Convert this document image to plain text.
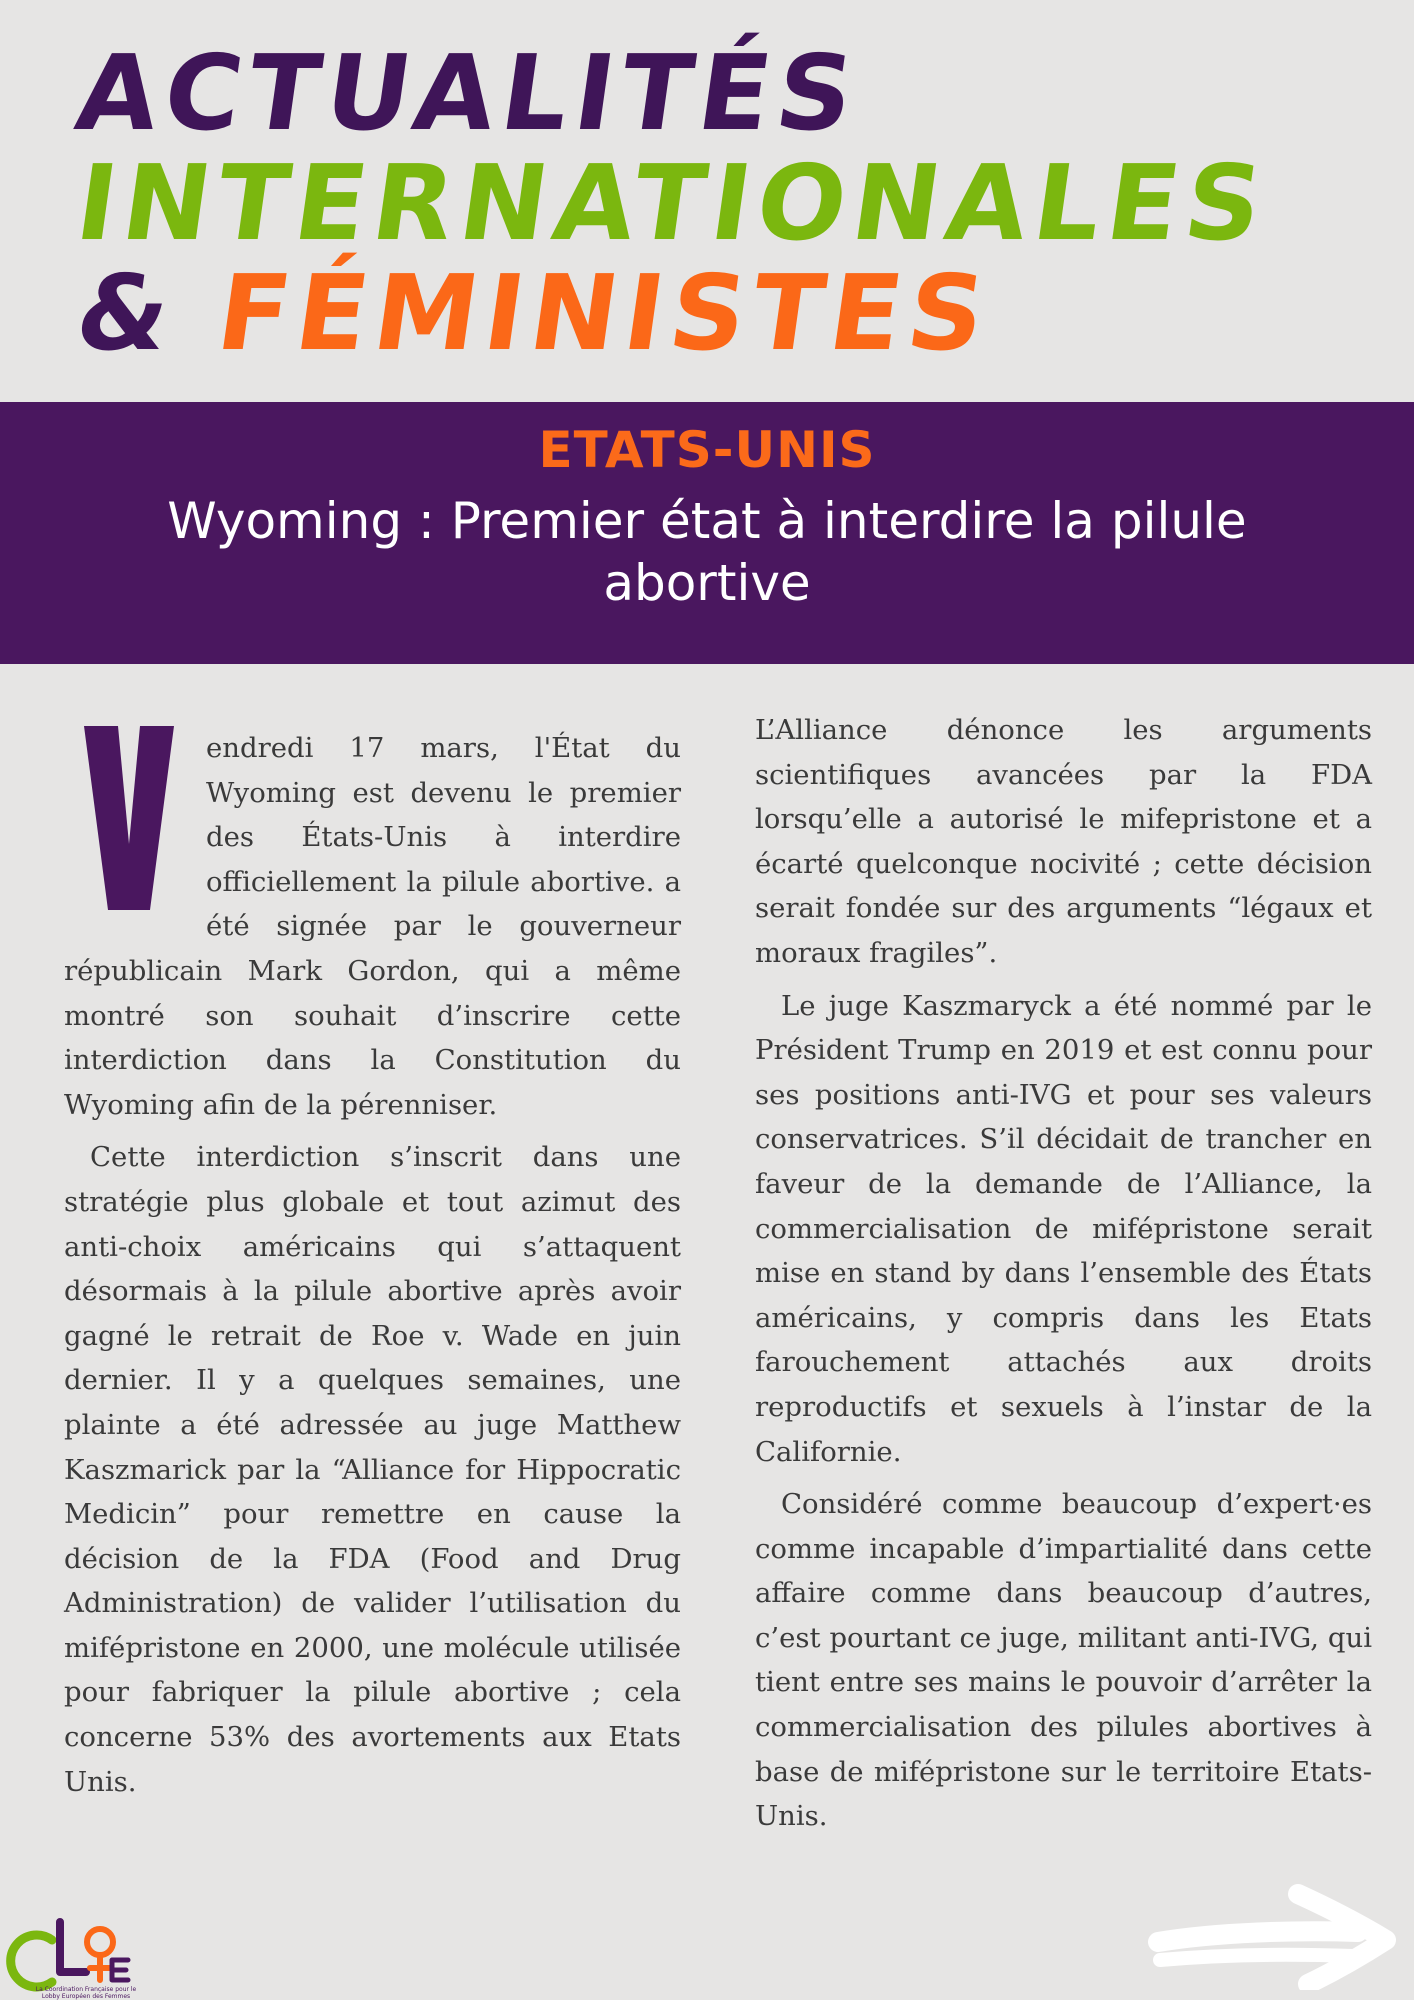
ACTUALITÉS
INTERNATIONALES
& FÉMINISTES
ETATS-UNIS
Wyoming : Premier état à interdire la pilule abortive

endredi 17 mars, l'État du Wyoming est devenu le premier des États-Unis à interdire officiellement la pilule abortive. a été signée par le gouverneur républicain Mark Gordon, qui a même montré son souhait d’inscrire cette interdiction dans la Constitution du Wyoming afin de la pérenniser.

Cette interdiction s’inscrit dans une stratégie plus globale et tout azimut des anti-choix américains qui s’attaquent désormais à la pilule abortive après avoir gagné le retrait de Roe v. Wade en juin dernier. Il y a quelques semaines, une plainte a été adressée au juge Matthew Kaszmarick par la “Alliance for Hippocratic Medicin” pour remettre en cause la décision de la FDA (Food and Drug Administration) de valider l’utilisation du mifépristone en 2000, une molécule utilisée pour fabriquer la pilule abortive ; cela concerne 53% des avortements aux Etats Unis.

L’Alliance dénonce les arguments scientifiques avancées par la FDA lorsqu’elle a autorisé le mifepristone et a écarté quelconque nocivité ; cette décision serait fondée sur des arguments “légaux et moraux fragiles”.

Le juge Kaszmaryck a été nommé par le Président Trump en 2019 et est connu pour ses positions anti-IVG et pour ses valeurs conservatrices. S’il décidait de trancher en faveur de la demande de l’Alliance, la commercialisation de mifépristone serait mise en stand by dans l’ensemble des États américains, y compris dans les Etats farouchement attachés aux droits reproductifs et sexuels à l’instar de la Californie.

Considéré comme beaucoup d’expert·es comme incapable d’impartialité dans cette affaire comme dans beaucoup d’autres, c’est pourtant ce juge, militant anti-IVG, qui tient entre ses mains le pouvoir d’arrêter la commercialisation des pilules abortives à base de mifépristone sur le territoire Etats-Unis.

La Coordination Française pour le Lobby Européen des Femmes
